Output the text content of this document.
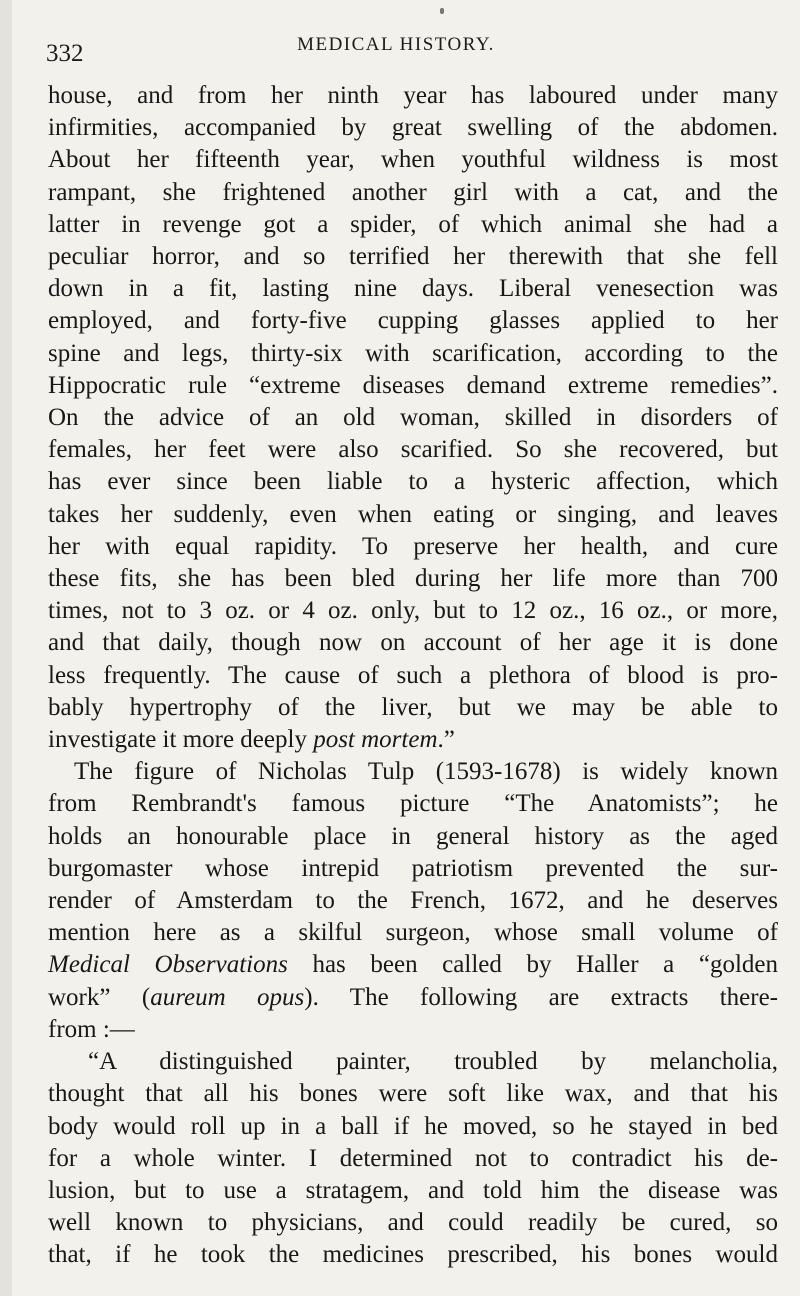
332	MEDICAL HISTORY.
house, and from her ninth year has laboured under many
infirmities, accompanied by great swelling of the abdomen.
About her fifteenth year, when youthful wildness is most
rampant, she frightened another girl with a cat, and the
latter in revenge got a spider, of which animal she had a
peculiar horror, and so terrified her therewith that she fell
down in a fit, lasting nine days. Liberal venesection was
employed, and forty-five cupping glasses applied to her
spine and legs, thirty-six with scarification, according to the
Hippocratic rule “extreme diseases demand extreme remedies”.
On the advice of an old woman, skilled in disorders of
females, her feet were also scarified. So she recovered, but
has ever since been liable to a hysteric affection, which
takes her suddenly, even when eating or singing, and leaves
her with equal rapidity. To preserve her health, and cure
these fits, she has been bled during her life more than 700
times, not to 3 oz. or 4 oz. only, but to 12 oz., 16 oz., or more,
and that daily, though now on account of her age it is done
less frequently. The cause of such a plethora of blood is pro-
bably hypertrophy of the liver, but we may be able to
investigate it more deeply post mortem.”
The figure of Nicholas Tulp (1593-1678) is widely known
from Rembrandt's famous picture “The Anatomists”; he
holds an honourable place in general history as the aged
burgomaster whose intrepid patriotism prevented the sur-
render of Amsterdam to the French, 1672, and he deserves
mention here as a skilful surgeon, whose small volume of
Medical Observations has been called by Haller a “golden
work” (aureum opus). The following are extracts there-
from :—
“A distinguished painter, troubled by melancholia,
thought that all his bones were soft like wax, and that his
body would roll up in a ball if he moved, so he stayed in bed
for a whole winter. I determined not to contradict his de-
lusion, but to use a stratagem, and told him the disease was
well known to physicians, and could readily be cured, so
that, if he took the medicines prescribed, his bones would
